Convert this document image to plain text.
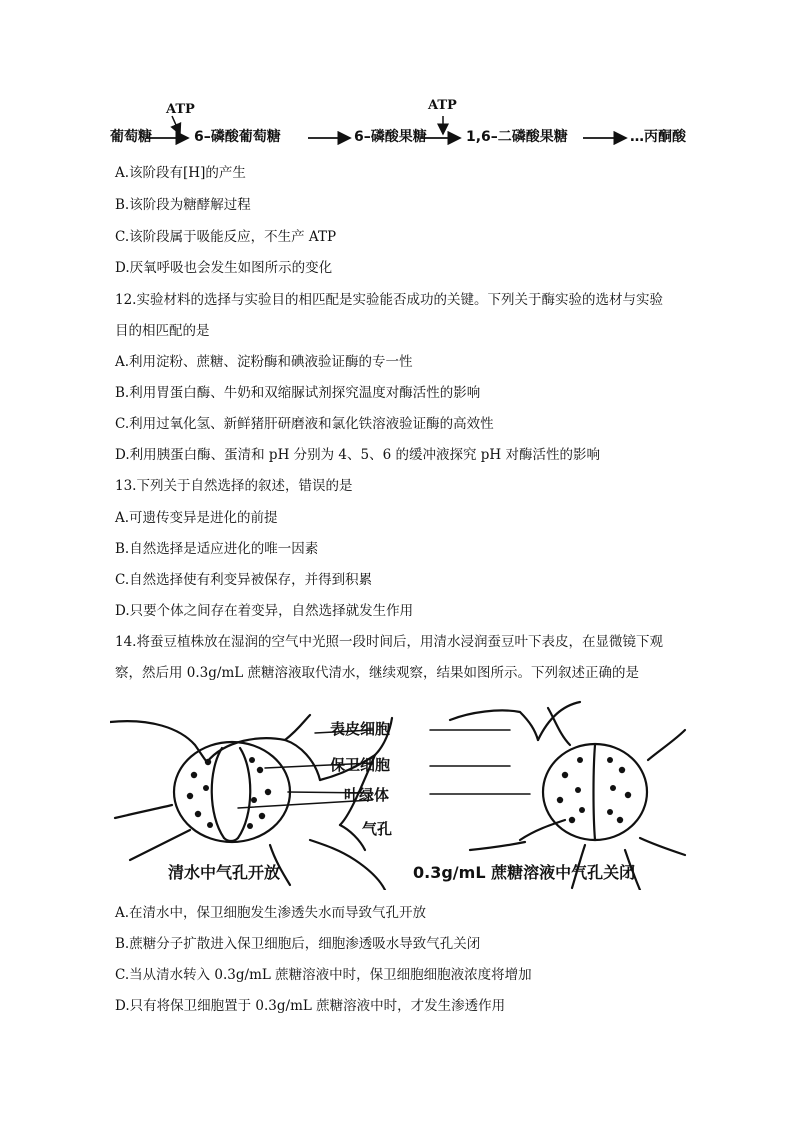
ATP	ATP
葡萄糖	6–磷酸葡萄糖	6–磷酸果糖	1,6–二磷酸果糖	…丙酮酸
A.该阶段有[H]的产生
B.该阶段为糖酵解过程
C.该阶段属于吸能反应，不生产 ATP
D.厌氧呼吸也会发生如图所示的变化
12.实验材料的选择与实验目的相匹配是实验能否成功的关键。下列关于酶实验的选材与实验
目的相匹配的是
A.利用淀粉、蔗糖、淀粉酶和碘液验证酶的专一性
B.利用胃蛋白酶、牛奶和双缩脲试剂探究温度对酶活性的影响
C.利用过氧化氢、新鲜猪肝研磨液和氯化铁溶液验证酶的高效性
D.利用胰蛋白酶、蛋清和 pH 分别为 4、5、6 的缓冲液探究 pH 对酶活性的影响
13.下列关于自然选择的叙述，错误的是
A.可遗传变异是进化的前提
B.自然选择是适应进化的唯一因素
C.自然选择使有利变异被保存，并得到积累
D.只要个体之间存在着变异，自然选择就发生作用
14.将蚕豆植株放在湿润的空气中光照一段时间后，用清水浸润蚕豆叶下表皮，在显微镜下观
察，然后用 0.3g/mL 蔗糖溶液取代清水，继续观察，结果如图所示。下列叙述正确的是
表皮细胞
保卫细胞
叶绿体
气孔
清水中气孔开放	0.3g/mL 蔗糖溶液中气孔关闭
A.在清水中，保卫细胞发生渗透失水而导致气孔开放
B.蔗糖分子扩散进入保卫细胞后，细胞渗透吸水导致气孔关闭
C.当从清水转入 0.3g/mL 蔗糖溶液中时，保卫细胞细胞液浓度将增加
D.只有将保卫细胞置于 0.3g/mL 蔗糖溶液中时，才发生渗透作用
